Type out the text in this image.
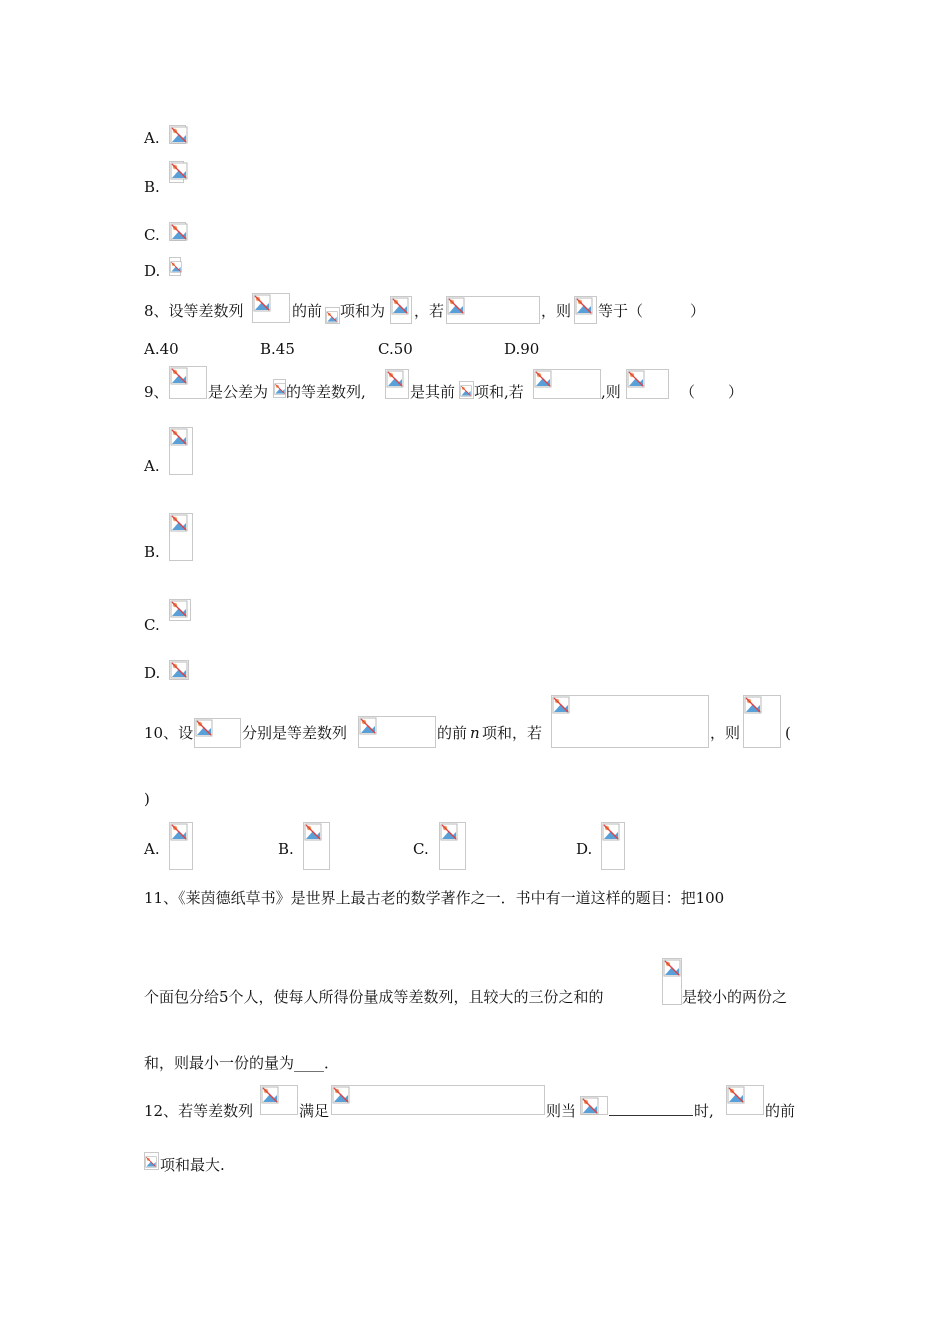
A.
B.
C.
D.
8、设等差数列	的前 项和为 ，若	，则 等于（	）
A.40	B.45	C.50	D.90
9、	是公差为 的等差数列,	是其前 项和,若	,则	（ ）
A.
B.
C.
D.
10、设	分别是等差数列	的前 n 项和，若	，则	(
)
A.	B.	C.	D.
11、《莱茵德纸草书》是世界上最古老的数学著作之一．书中有一道这样的题目：把100
个面包分给5个人，使每人所得份量成等差数列，且较大的三份之和的	是较小的两份之
和，则最小一份的量为____．
12、若等差数列	满足	则当	时,	的前
项和最大.
